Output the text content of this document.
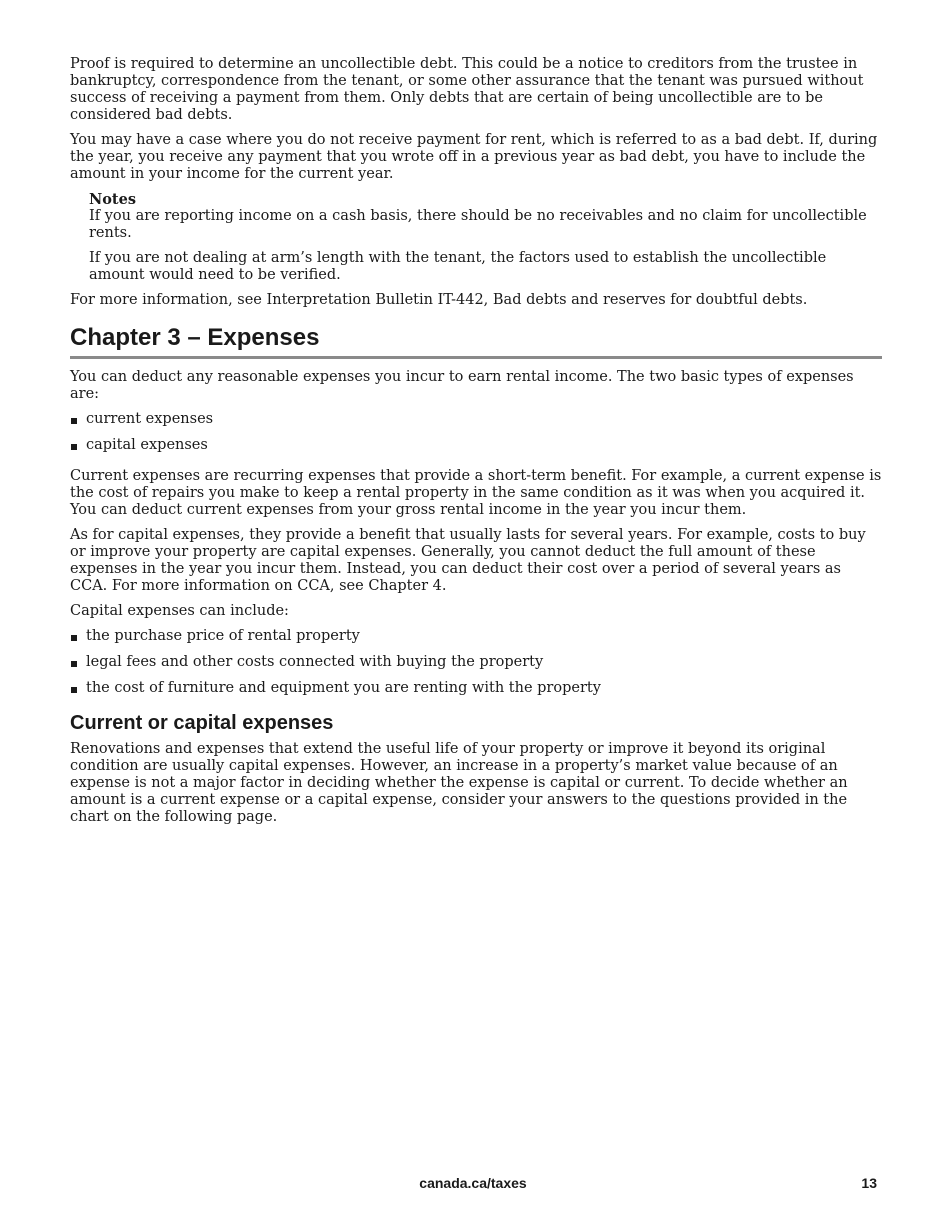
Proof is required to determine an uncollectible debt. This could be a notice to creditors from the trustee in bankruptcy, correspondence from the tenant, or some other assurance that the tenant was pursued without success of receiving a payment from them. Only debts that are certain of being uncollectible are to be considered bad debts.

You may have a case where you do not receive payment for rent, which is referred to as a bad debt. If, during the year, you receive any payment that you wrote off in a previous year as bad debt, you have to include the amount in your income for the current year.

Notes

If you are reporting income on a cash basis, there should be no receivables and no claim for uncollectible rents.

If you are not dealing at arm’s length with the tenant, the factors used to establish the uncollectible amount would need to be verified.

For more information, see Interpretation Bulletin IT-442, Bad debts and reserves for doubtful debts.

Chapter 3 – Expenses

You can deduct any reasonable expenses you incur to earn rental income. The two basic types of expenses are:

current expenses
capital expenses

Current expenses are recurring expenses that provide a short-term benefit. For example, a current expense is the cost of repairs you make to keep a rental property in the same condition as it was when you acquired it. You can deduct current expenses from your gross rental income in the year you incur them.

As for capital expenses, they provide a benefit that usually lasts for several years. For example, costs to buy or improve your property are capital expenses. Generally, you cannot deduct the full amount of these expenses in the year you incur them. Instead, you can deduct their cost over a period of several years as CCA. For more information on CCA, see Chapter 4.

Capital expenses can include:

the purchase price of rental property
legal fees and other costs connected with buying the property
the cost of furniture and equipment you are renting with the property
Current or capital expenses

Renovations and expenses that extend the useful life of your property or improve it beyond its original condition are usually capital expenses. However, an increase in a property’s market value because of an expense is not a major factor in deciding whether the expense is capital or current. To decide whether an amount is a current expense or a capital expense, consider your answers to the questions provided in the chart on the following page.

canada.ca/taxes	13
